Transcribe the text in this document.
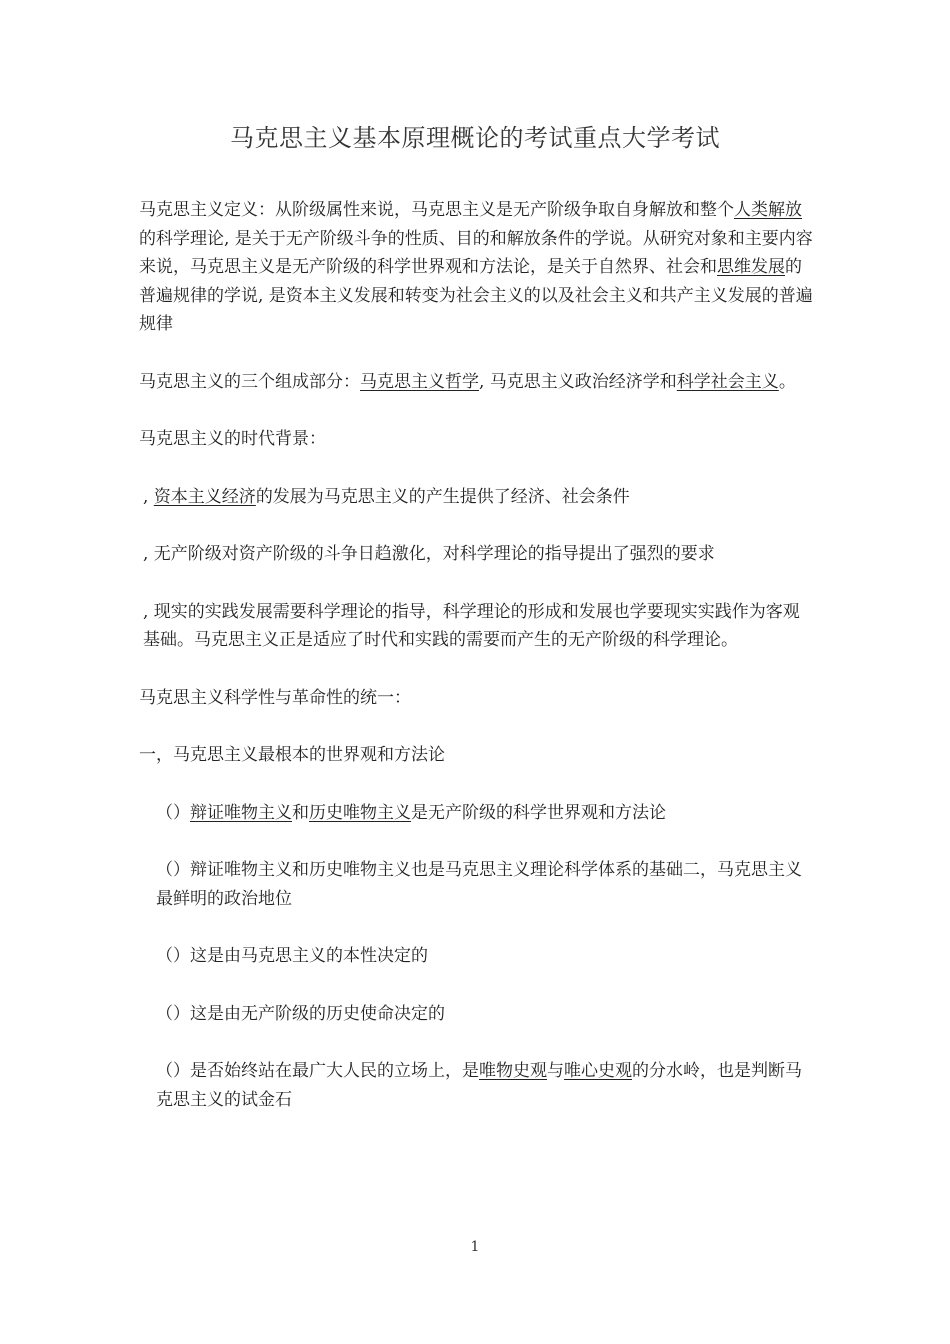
马克思主义基本原理概论的考试重点大学考试

马克思主义定义：从阶级属性来说，马克思主义是无产阶级争取自身解放和整个人类解放的科学理论, 是关于无产阶级斗争的性质、目的和解放条件的学说。从研究对象和主要内容来说，马克思主义是无产阶级的科学世界观和方法论，是关于自然界、社会和思维发展的普遍规律的学说, 是资本主义发展和转变为社会主义的以及社会主义和共产主义发展的普遍规律

马克思主义的三个组成部分：马克思主义哲学, 马克思主义政治经济学和科学社会主义。

马克思主义的时代背景：

, 资本主义经济的发展为马克思主义的产生提供了经济、社会条件

, 无产阶级对资产阶级的斗争日趋激化，对科学理论的指导提出了强烈的要求

, 现实的实践发展需要科学理论的指导，科学理论的形成和发展也学要现实实践作为客观基础。马克思主义正是适应了时代和实践的需要而产生的无产阶级的科学理论。

马克思主义科学性与革命性的统一：

一，马克思主义最根本的世界观和方法论

（）辩证唯物主义和历史唯物主义是无产阶级的科学世界观和方法论

（）辩证唯物主义和历史唯物主义也是马克思主义理论科学体系的基础二，马克思主义最鲜明的政治地位

（）这是由马克思主义的本性决定的

（）这是由无产阶级的历史使命决定的

（）是否始终站在最广大人民的立场上，是唯物史观与唯心史观的分水岭，也是判断马克思主义的试金石

1
